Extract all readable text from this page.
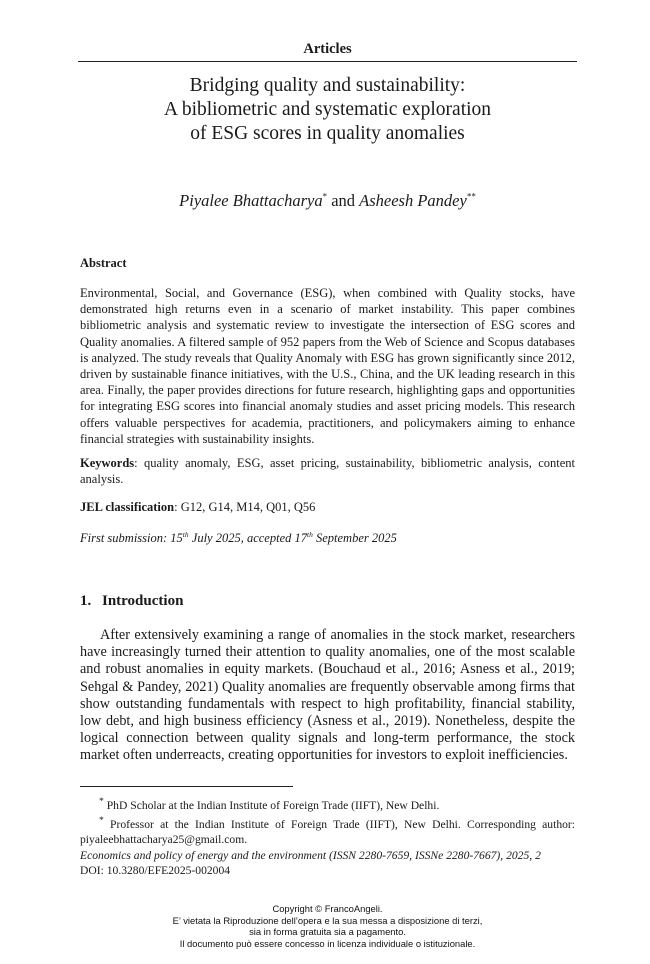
Articles
Bridging quality and sustainability:
A bibliometric and systematic exploration
of ESG scores in quality anomalies
Piyalee Bhattacharya* and Asheesh Pandey**
Abstract
Environmental, Social, and Governance (ESG), when combined with Quality stocks, have demonstrated high returns even in a scenario of market instability. This paper combines bibliometric analysis and systematic review to investigate the intersection of ESG scores and Quality anomalies. A filtered sample of 952 papers from the Web of Science and Scopus databases is analyzed. The study reveals that Quality Anomaly with ESG has grown significantly since 2012, driven by sustainable finance initiatives, with the U.S., China, and the UK leading research in this area. Finally, the paper provides directions for future research, highlighting gaps and opportunities for integrating ESG scores into financial anomaly studies and asset pricing models. This research offers valuable perspectives for academia, practitioners, and policymakers aiming to enhance financial strategies with sustainability insights.
Keywords: quality anomaly, ESG, asset pricing, sustainability, bibliometric analysis, content analysis.
JEL classification: G12, G14, M14, Q01, Q56
First submission: 15th July 2025, accepted 17th September 2025
1. Introduction
After extensively examining a range of anomalies in the stock market, researchers have increasingly turned their attention to quality anomalies, one of the most scalable and robust anomalies in equity markets. (Bouchaud et al., 2016; Asness et al., 2019; Sehgal & Pandey, 2021) Quality anomalies are frequently observable among firms that show outstanding fundamentals with respect to high profitability, financial stability, low debt, and high business efficiency (Asness et al., 2019). Nonetheless, despite the logical connection between quality signals and long-term performance, the stock market often underreacts, creating opportunities for investors to exploit inefficiencies.
* PhD Scholar at the Indian Institute of Foreign Trade (IIFT), New Delhi.
* Professor at the Indian Institute of Foreign Trade (IIFT), New Delhi. Corresponding author: piyaleebhattacharya25@gmail.com.
Economics and policy of energy and the environment (ISSN 2280-7659, ISSNe 2280-7667), 2025, 2
DOI: 10.3280/EFE2025-002004
Copyright © FrancoAngeli.
E’ vietata la Riproduzione dell’opera e la sua messa a disposizione di terzi,
sia in forma gratuita sia a pagamento.
Il documento può essere concesso in licenza individuale o istituzionale.
